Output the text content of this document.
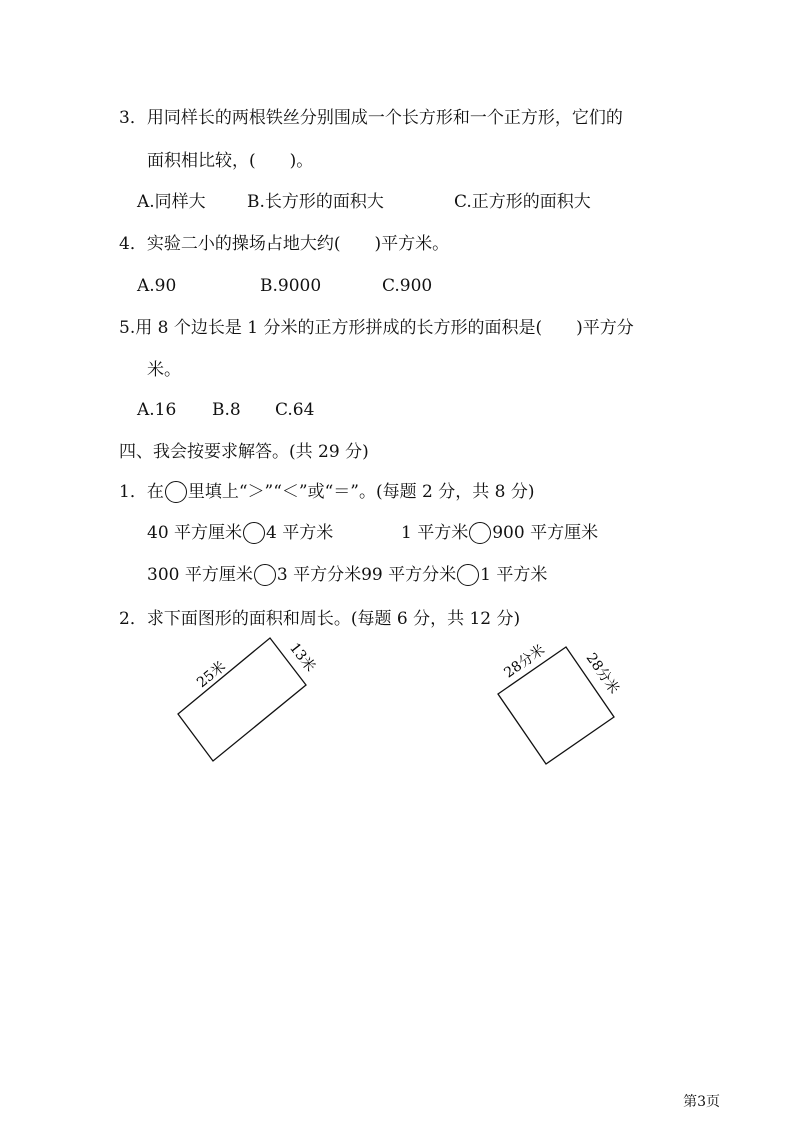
3．用同样长的两根铁丝分别围成一个长方形和一个正方形，它们的
面积相比较，(　　)。
A.同样大 B.长方形的面积大	C.正方形的面积大
4．实验二小的操场占地大约(　　)平方米。
A.90	B.9000	C.900
5.用 8 个边长是 1 分米的正方形拼成的长方形的面积是(　　)平方分
米。
A.16 B.8 C.64
四、我会按要求解答。(共 29 分)
1．在 里填上“＞”“＜”或“＝”。(每题 2 分，共 8 分)
40 平方厘米 4 平方米	1 平方米 900 平方厘米
300 平方厘米 3 平方分米99 平方分米 1 平方米
2．求下面图形的面积和周长。(每题 6 分，共 12 分)
25米	13米	28分米 28分米
第3页
